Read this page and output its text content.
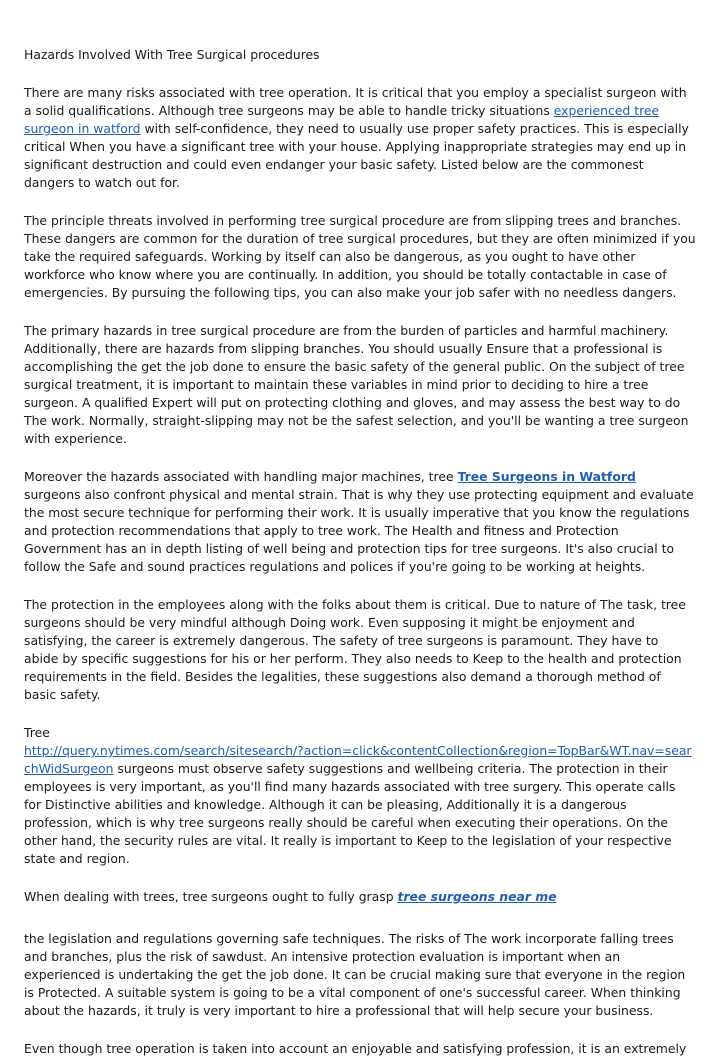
Hazards Involved With Tree Surgical procedures

There are many risks associated with tree operation. It is critical that you employ a specialist surgeon with a solid qualifications. Although tree surgeons may be able to handle tricky situations experienced tree surgeon in watford with self-confidence, they need to usually use proper safety practices. This is especially critical When you have a significant tree with your house. Applying inappropriate strategies may end up in significant destruction and could even endanger your basic safety. Listed below are the commonest dangers to watch out for.

The principle threats involved in performing tree surgical procedure are from slipping trees and branches. These dangers are common for the duration of tree surgical procedures, but they are often minimized if you take the required safeguards. Working by itself can also be dangerous, as you ought to have other workforce who know where you are continually. In addition, you should be totally contactable in case of emergencies. By pursuing the following tips, you can also make your job safer with no needless dangers.

The primary hazards in tree surgical procedure are from the burden of particles and harmful machinery. Additionally, there are hazards from slipping branches. You should usually Ensure that a professional is accomplishing the get the job done to ensure the basic safety of the general public. On the subject of tree surgical treatment, it is important to maintain these variables in mind prior to deciding to hire a tree surgeon. A qualified Expert will put on protecting clothing and gloves, and may assess the best way to do The work. Normally, straight-slipping may not be the safest selection, and you'll be wanting a tree surgeon with experience.

Moreover the hazards associated with handling major machines, tree Tree Surgeons in Watford surgeons also confront physical and mental strain. That is why they use protecting equipment and evaluate the most secure technique for performing their work. It is usually imperative that you know the regulations and protection recommendations that apply to tree work. The Health and fitness and Protection Government has an in depth listing of well being and protection tips for tree surgeons. It's also crucial to follow the Safe and sound practices regulations and polices if you're going to be working at heights.

The protection in the employees along with the folks about them is critical. Due to nature of The task, tree surgeons should be very mindful although Doing work. Even supposing it might be enjoyment and satisfying, the career is extremely dangerous. The safety of tree surgeons is paramount. They have to abide by specific suggestions for his or her perform. They also needs to Keep to the health and protection requirements in the field. Besides the legalities, these suggestions also demand a thorough method of basic safety.

Tree
http://query.nytimes.com/search/sitesearch/?action=click&contentCollection&region=TopBar&WT.nav=searchWidSurgeon surgeons must observe safety suggestions and wellbeing criteria. The protection in their employees is very important, as you'll find many hazards associated with tree surgery. This operate calls for Distinctive abilities and knowledge. Although it can be pleasing, Additionally it is a dangerous profession, which is why tree surgeons really should be careful when executing their operations. On the other hand, the security rules are vital. It really is important to Keep to the legislation of your respective state and region.

When dealing with trees, tree surgeons ought to fully grasp tree surgeons near me

the legislation and regulations governing safe techniques. The risks of The work incorporate falling trees and branches, plus the risk of sawdust. An intensive protection evaluation is important when an experienced is undertaking the get the job done. It can be crucial making sure that everyone in the region is Protected. A suitable system is going to be a vital component of one's successful career. When thinking about the hazards, it truly is very important to hire a professional that will help secure your business.

Even though tree operation is taken into account an enjoyable and satisfying profession, it is an extremely
